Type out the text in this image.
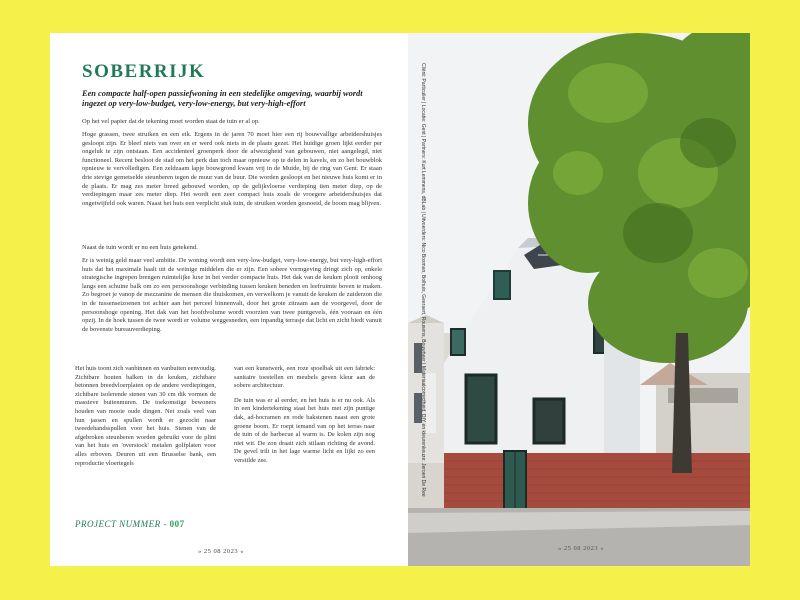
SOBERRIJK

Een compacte half-open passiefwoning in een stedelijke omgeving, waarbij wordt ingezet op very-low-budget, very-low-energy, but very-high-effort

Op het vel papier dat de tekening moet worden staat de tuin er al op.

Hoge grassen, twee struiken en een eik. Ergens in de jaren 70 moet hier een rij bouwvallige arbeidershuisjes gesloopt zijn. Er bleef niets van over en er werd ook niets in de plaats gezet. Het huidige groen lijkt eerder per ongeluk te zijn ontstaan. Een accidenteel groenperk door de afwezigheid van gebouwen, niet aangelegd, niet functioneel. Recent besloot de stad om het perk dan toch maar opnieuw op te delen in kavels, en zo het bouwblok opnieuw te vervolledigen. Een zeldzaam lapje bouwgrond kwam vrij in de Muide, bij de ring van Gent. Er staan drie stevige gemetselde steunberen tegen de muur van de buur. Die worden gesloopt en het nieuwe huis komt er in de plaats. Er mag zes meter breed gebouwd worden, op de gelijkvloerse verdieping tien meter diep, op de verdiepingen maar zes meter diep. Het wordt een zeer compact huis zoals de vroegere arbeidershuisjes dat ongetwijfeld ook waren. Naast het huis een verplicht stuk tuin, de struiken worden gesnoeid, de boom mag blijven.

Naast de tuin wordt er nu een huis getekend.

Er is weinig geld maar veel ambitie. De woning wordt een very-low-budget, very-low-energy, but very-high-effort huis dat het maximale haalt uit de weinige middelen die er zijn. Een sobere vormgeving dringt zich op, enkele strategische ingrepen brengen ruimtelijke luxe in het verder compacte huis. Het dak van de keuken plooit omhoog langs een schuine balk om zo een persoonshoge verbinding tussen keuken beneden en leefruimte boven te maken. Zo begroet je vanop de mezzanine de mensen die thuiskomen, en verwelkom je vanuit de keuken de zuiderzon die in de tussenseizoenen tot achter aan het perceel binnenvalt, door het grote zitraam aan de voorgevel, door de persoonshoge opening. Het dak van het hoofdvolume wordt voorzien van twee puntgevels, één vooraan en één opzij. In de hoek tussen de twee wordt er volume weggesneden, een inpandig terrasje dat licht en zicht biedt vanuit de bovenste bureauverdieping.

Het huis toont zich vanbinnen en vanbuiten eenvoudig. Zichtbare houten balken in de keuken, zichtbare betonnen breedvloerplaten op de andere verdiepingen, zichtbare isolerende stenen van 30 cm dik vormen de massieve buitenmuren. De toekomstige bewoners houden van mooie oude dingen. Net zoals veel van hun jassen en spullen wordt er gezocht naar tweedehandsspullen voor het huis. Stenen van de afgebroken steunberen worden gebruikt voor de plint van het huis en 'overstock' metalen golfplaten voor alles erboven. Deuren uit een Brusselse bank, een reproductie vloertegels

van een kunstwerk, een roze spoelbak uit een fabriek: sanitaire toestellen en meubels geven kleur aan de sobere architectuur.

De tuin was er al eerder, en het huis is er nu ook. Als in een kindertekening staat het huis met zijn puntige dak, ad-hocramen en rode bakstenen naast een grote groene boom. Er roept iemand van op het terras naar de tuin of de barbecue al warm is. De kolen zijn nog niet wit. De zon draait zich stilaan richting de avond. De gevel trilt in het lage warme licht en lijkt zo een verstilde zee.

PROJECT NUMMER - 007
» 25 08 2023 «
Cliënt: Particulier | Locatie: Gent | Partners: Kurt Lemmens, dBLab | Uitvoerders: Nico Bosman, Bolhuis, Geeraert, Rouxens, Bouwheer | Materiaalcorrectheid, DIY en kleurenkeuze: Jeroen De Ree
» 25 08 2023 «
